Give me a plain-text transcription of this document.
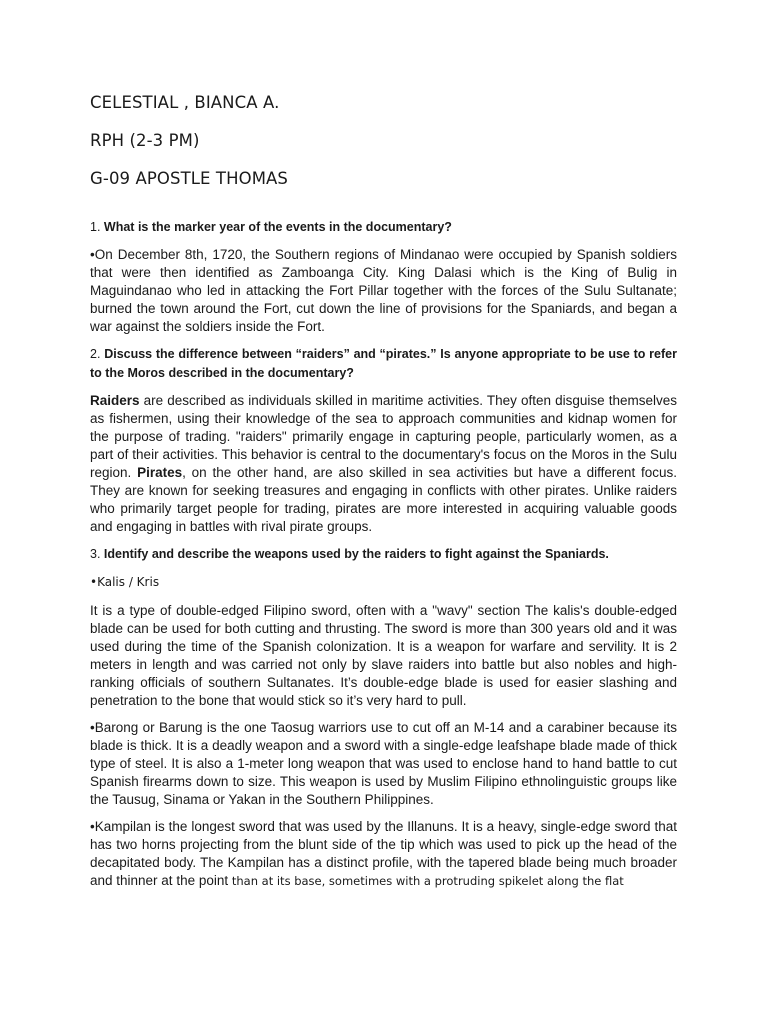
CELESTIAL , BIANCA A.
RPH (2-3 PM)
G-09 APOSTLE THOMAS
1. What is the marker year of the events in the documentary?
•On December 8th, 1720, the Southern regions of Mindanao were occupied by Spanish soldiers that were then identified as Zamboanga City. King Dalasi which is the King of Bulig in Maguindanao who led in attacking the Fort Pillar together with the forces of the Sulu Sultanate; burned the town around the Fort, cut down the line of provisions for the Spaniards, and began a war against the soldiers inside the Fort.
2. Discuss the difference between “raiders” and “pirates.” Is anyone appropriate to be use to refer to the Moros described in the documentary?
Raiders are described as individuals skilled in maritime activities. They often disguise themselves as fishermen, using their knowledge of the sea to approach communities and kidnap women for the purpose of trading. "raiders" primarily engage in capturing people, particularly women, as a part of their activities. This behavior is central to the documentary's focus on the Moros in the Sulu region. Pirates, on the other hand, are also skilled in sea activities but have a different focus. They are known for seeking treasures and engaging in conflicts with other pirates. Unlike raiders who primarily target people for trading, pirates are more interested in acquiring valuable goods and engaging in battles with rival pirate groups.
3. Identify and describe the weapons used by the raiders to fight against the Spaniards.
•Kalis / Kris
It is a type of double-edged Filipino sword, often with a "wavy" section The kalis's double-edged blade can be used for both cutting and thrusting. The sword is more than 300 years old and it was used during the time of the Spanish colonization. It is a weapon for warfare and servility. It is 2 meters in length and was carried not only by slave raiders into battle but also nobles and high-ranking officials of southern Sultanates. It’s double-edge blade is used for easier slashing and penetration to the bone that would stick so it’s very hard to pull.
•Barong or Barung is the one Taosug warriors use to cut off an M-14 and a carabiner because its blade is thick. It is a deadly weapon and a sword with a single-edge leafshape blade made of thick type of steel. It is also a 1-meter long weapon that was used to enclose hand to hand battle to cut Spanish firearms down to size. This weapon is used by Muslim Filipino ethnolinguistic groups like the Tausug, Sinama or Yakan in the Southern Philippines.
•Kampilan is the longest sword that was used by the Illanuns. It is a heavy, single-edge sword that has two horns projecting from the blunt side of the tip which was used to pick up the head of the decapitated body. The Kampilan has a distinct profile, with the tapered blade being much broader and thinner at the point than at its base, sometimes with a protruding spikelet along the flat
